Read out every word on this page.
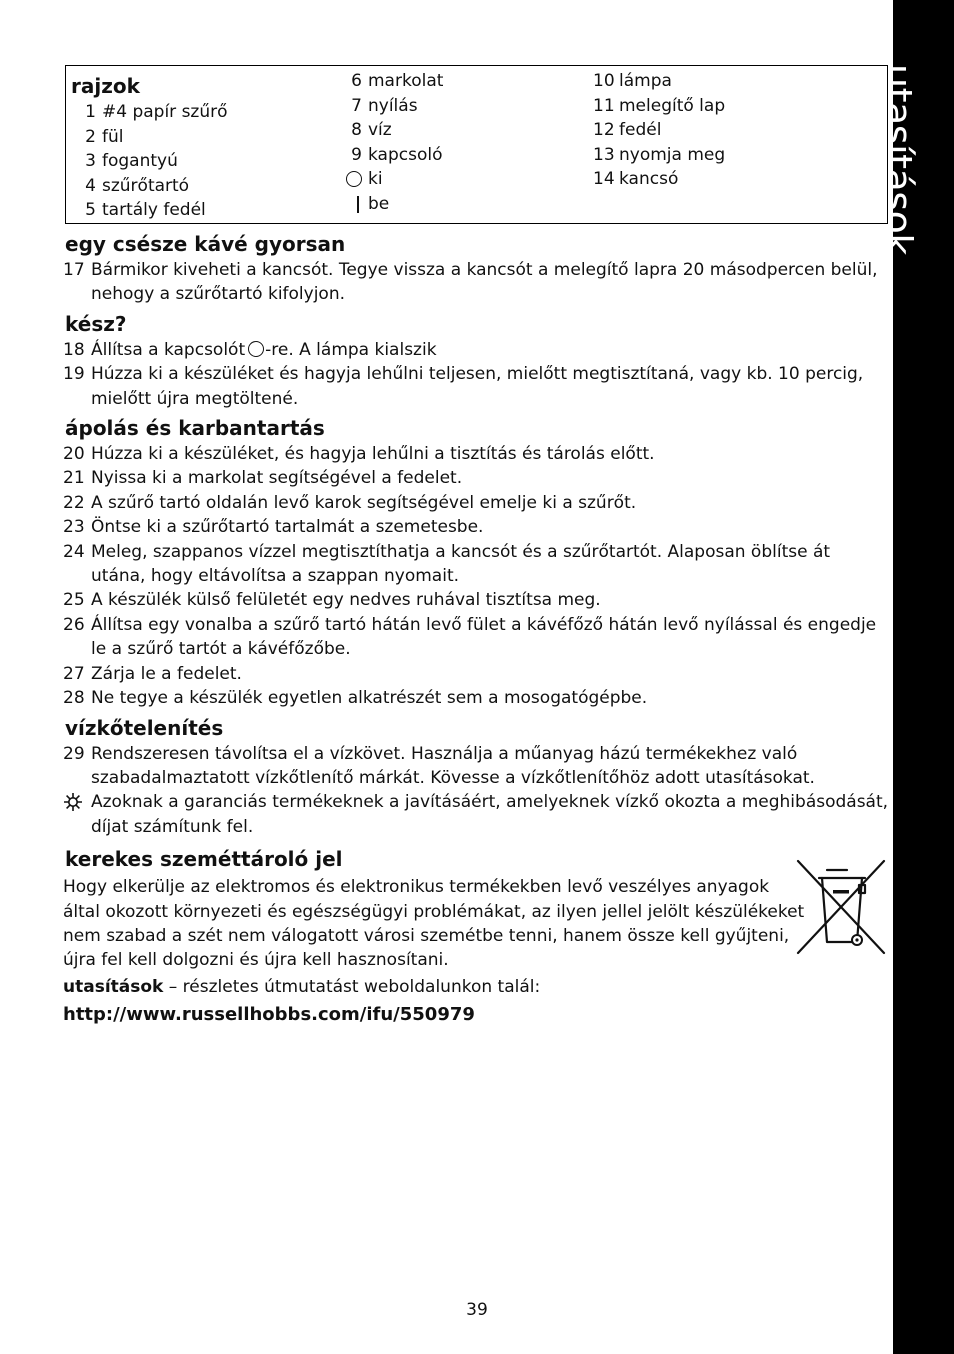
utasítások
rajzok
1 #4 papír szűrő
2 fül
3 fogantyú
4 szűrőtartó
5 tartály fedél
6 markolat
7 nyílás
8 víz
9 kapcsoló
ki
be
10 lámpa
11 melegítő lap
12 fedél
13 nyomja meg
14 kancsó
egy csésze kávé gyorsan
17 Bármikor kiveheti a kancsót. Tegye vissza a kancsót a melegítő lapra 20 másodpercen belül, nehogy a szűrőtartó kifolyjon.
kész?
18 Állítsa a kapcsolót -re. A lámpa kialszik
19 Húzza ki a készüléket és hagyja lehűlni teljesen, mielőtt megtisztítaná, vagy kb. 10 percig, mielőtt újra megtöltené.
ápolás és karbantartás
20 Húzza ki a készüléket, és hagyja lehűlni a tisztítás és tárolás előtt.
21 Nyissa ki a markolat segítségével a fedelet.
22 A szűrő tartó oldalán levő karok segítségével emelje ki a szűrőt.
23 Öntse ki a szűrőtartó tartalmát a szemetesbe.
24 Meleg, szappanos vízzel megtisztíthatja a kancsót és a szűrőtartót. Alaposan öblítse át utána, hogy eltávolítsa a szappan nyomait.
25 A készülék külső felületét egy nedves ruhával tisztítsa meg.
26 Állítsa egy vonalba a szűrő tartó hátán levő fület a kávéfőző hátán levő nyílással és engedje le a szűrő tartót a kávéfőzőbe.
27 Zárja le a fedelet.
28 Ne tegye a készülék egyetlen alkatrészét sem a mosogatógépbe.
vízkőtelenítés
29 Rendszeresen távolítsa el a vízkövet. Használja a műanyag házú termékekhez való szabadalmaztatott vízkőtlenítő márkát. Kövesse a vízkőtlenítőhöz adott utasításokat.
Azoknak a garanciás termékeknek a javításáért, amelyeknek vízkő okozta a meghibásodását, díjat számítunk fel.
kerekes szeméttároló jel
Hogy elkerülje az elektromos és elektronikus termékekben levő veszélyes anyagok által okozott környezeti és egészségügyi problémákat, az ilyen jellel jelölt készülékeket nem szabad a szét nem válogatott városi szemétbe tenni, hanem össze kell gyűjteni, újra fel kell dolgozni és újra kell hasznosítani.
utasítások – részletes útmutatást weboldalunkon talál:
http://www.russellhobbs.com/ifu/550979
39
